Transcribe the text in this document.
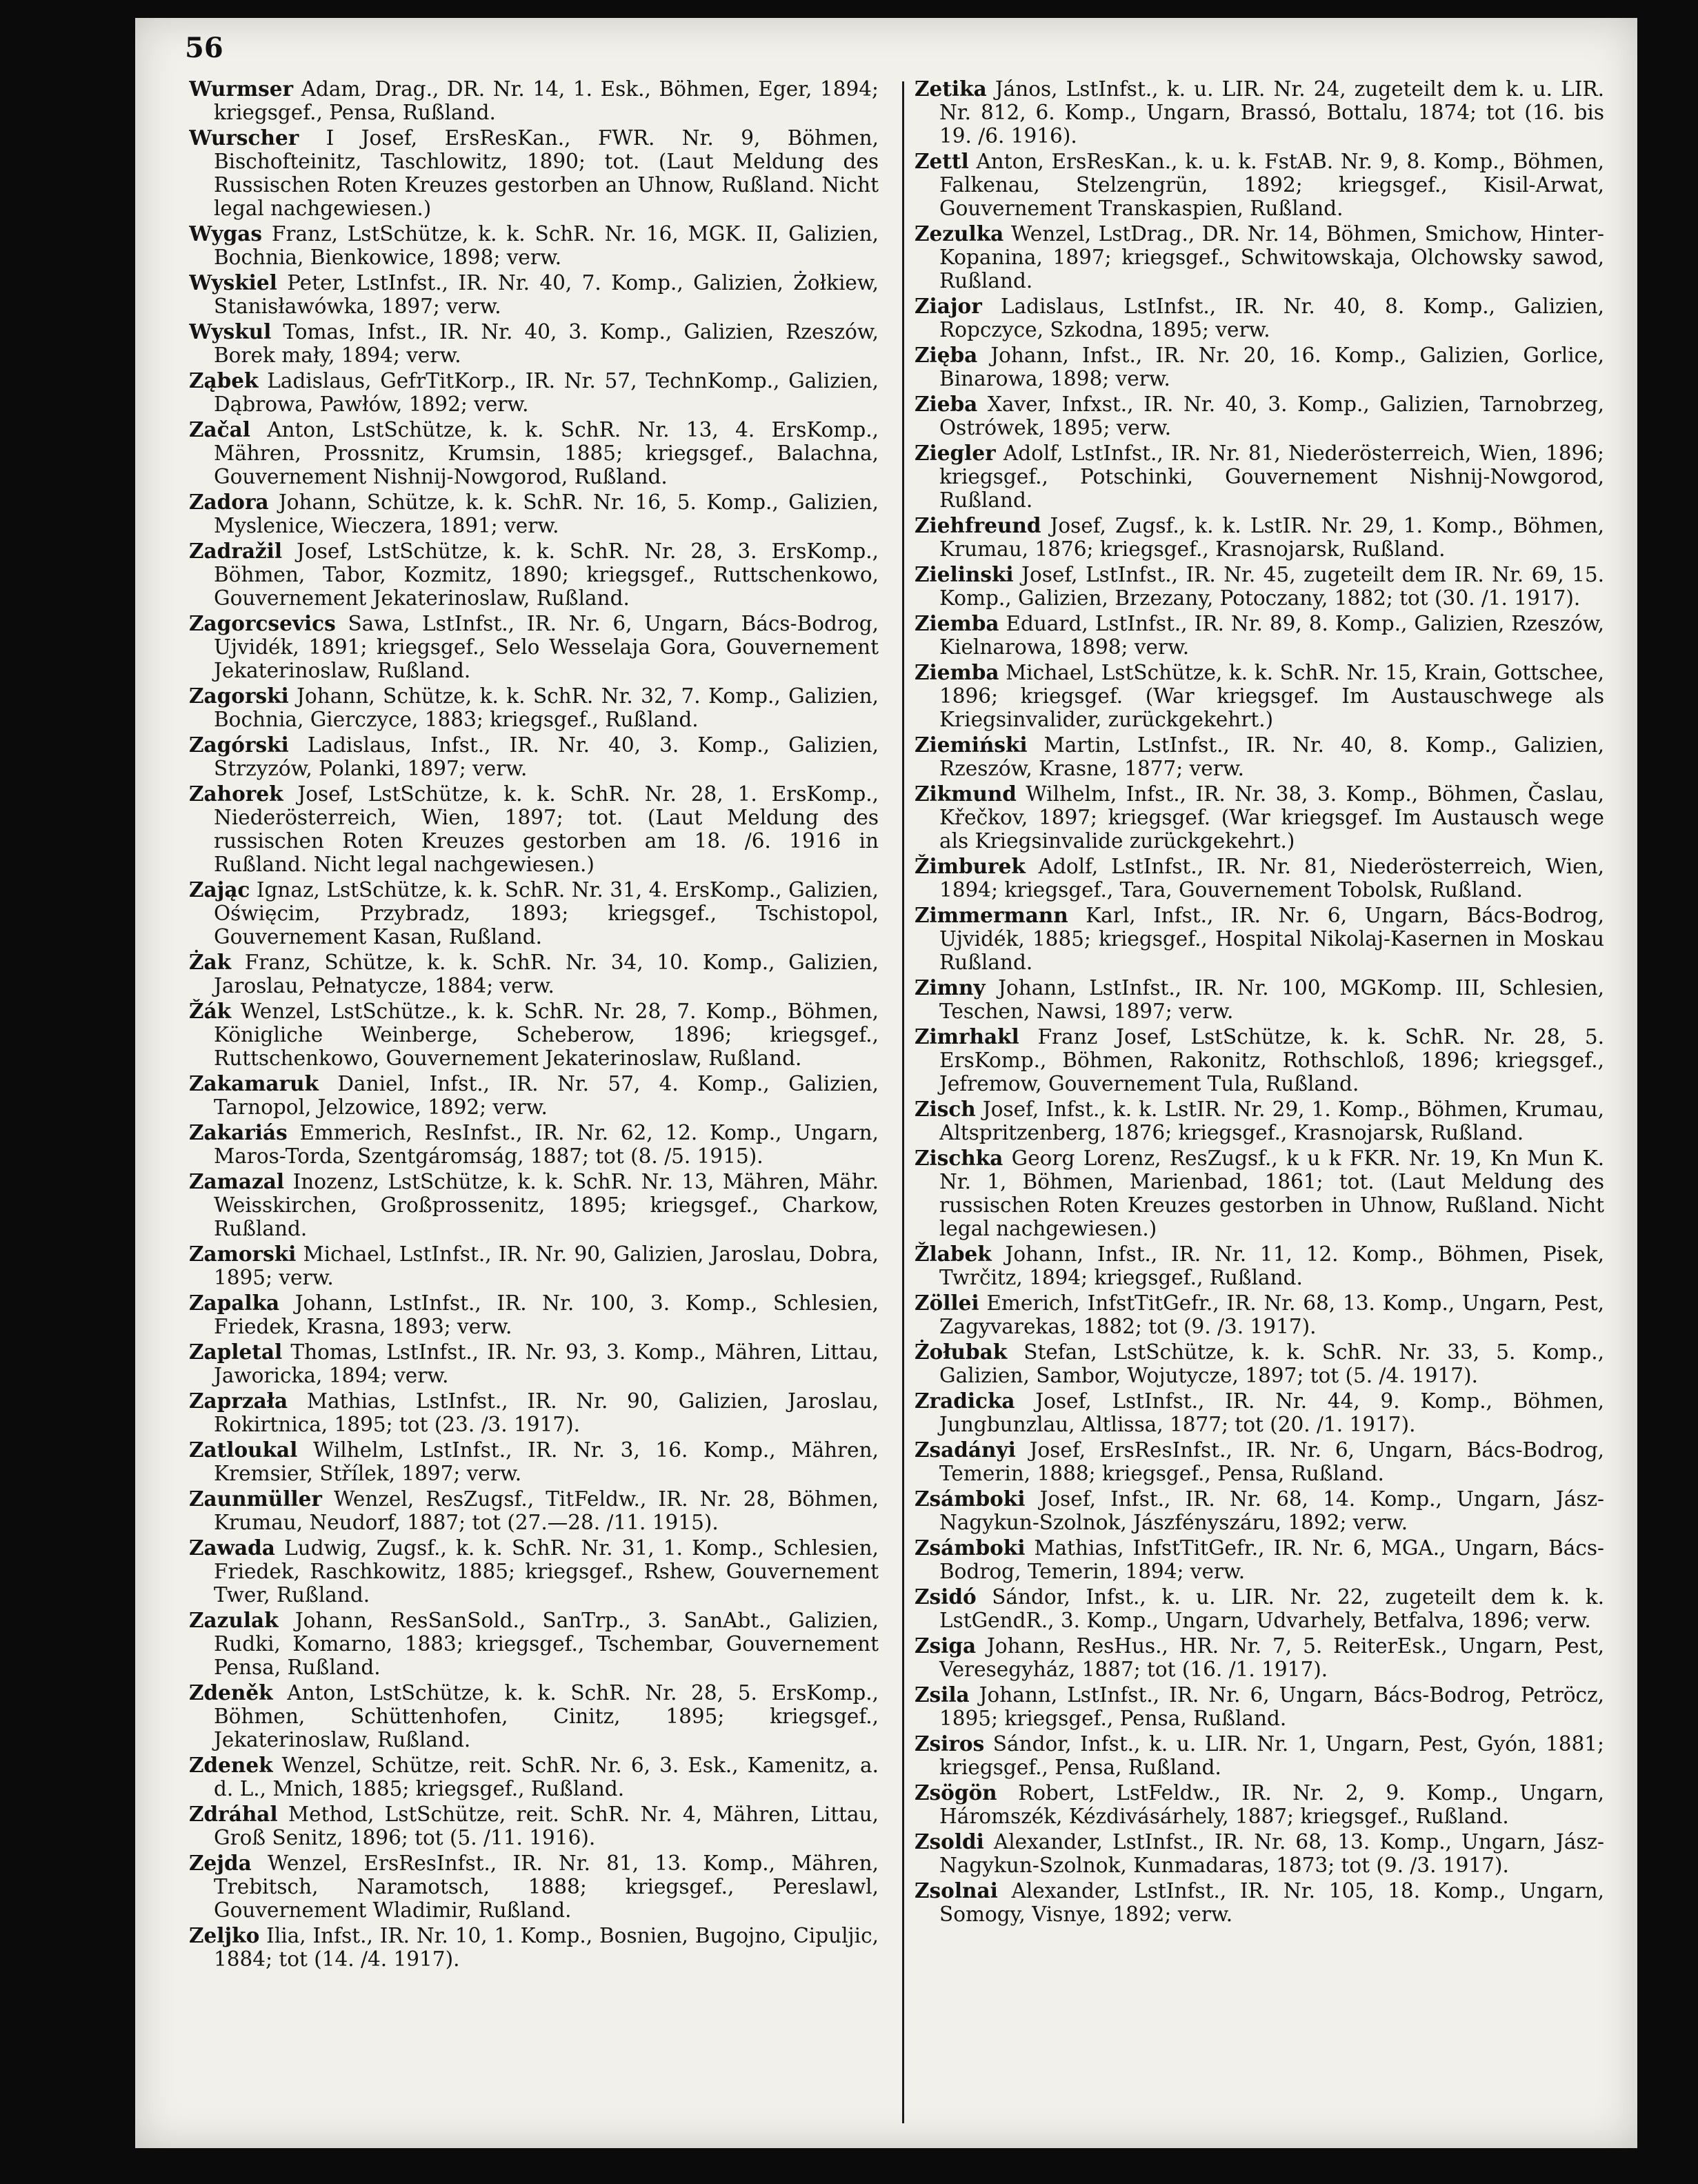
56
Wurmser Adam, Drag., DR. Nr. 14, 1. Esk., Böhmen, Eger, 1894; kriegsgef., Pensa, Rußland.
Wurscher I Josef, ErsResKan., FWR. Nr. 9, Böhmen, Bischofteinitz, Taschlowitz, 1890; tot. (Laut Meldung des Russischen Roten Kreuzes gestorben an Uhnow, Rußland. Nicht legal nachgewiesen.)
Wygas Franz, LstSchütze, k. k. SchR. Nr. 16, MGK. II, Galizien, Bochnia, Bienkowice, 1898; verw.
Wyskiel Peter, LstInfst., IR. Nr. 40, 7. Komp., Galizien, Żołkiew, Stanisławówka, 1897; verw.
Wyskul Tomas, Infst., IR. Nr. 40, 3. Komp., Galizien, Rzeszów, Borek mały, 1894; verw.
Ząbek Ladislaus, GefrTitKorp., IR. Nr. 57, TechnKomp., Galizien, Dąbrowa, Pawłów, 1892; verw.
Začal Anton, LstSchütze, k. k. SchR. Nr. 13, 4. ErsKomp., Mähren, Prossnitz, Krumsin, 1885; kriegsgef., Balachna, Gouvernement Nishnij-Nowgorod, Rußland.
Zadora Johann, Schütze, k. k. SchR. Nr. 16, 5. Komp., Galizien, Myslenice, Wieczera, 1891; verw.
Zadražil Josef, LstSchütze, k. k. SchR. Nr. 28, 3. ErsKomp., Böhmen, Tabor, Kozmitz, 1890; kriegsgef., Ruttschenkowo, Gouvernement Jekaterinoslaw, Rußland.
Zagorcsevics Sawa, LstInfst., IR. Nr. 6, Ungarn, Bács-Bodrog, Ujvidék, 1891; kriegsgef., Selo Wesselaja Gora, Gouvernement Jekaterinoslaw, Rußland.
Zagorski Johann, Schütze, k. k. SchR. Nr. 32, 7. Komp., Galizien, Bochnia, Gierczyce, 1883; kriegsgef., Rußland.
Zagórski Ladislaus, Infst., IR. Nr. 40, 3. Komp., Galizien, Strzyzów, Polanki, 1897; verw.
Zahorek Josef, LstSchütze, k. k. SchR. Nr. 28, 1. ErsKomp., Niederösterreich, Wien, 1897; tot. (Laut Meldung des russischen Roten Kreuzes gestorben am 18. /6. 1916 in Rußland. Nicht legal nachgewiesen.)
Zając Ignaz, LstSchütze, k. k. SchR. Nr. 31, 4. ErsKomp., Galizien, Oświęcim, Przybradz, 1893; kriegsgef., Tschistopol, Gouvernement Kasan, Rußland.
Żak Franz, Schütze, k. k. SchR. Nr. 34, 10. Komp., Galizien, Jaroslau, Pełnatycze, 1884; verw.
Žák Wenzel, LstSchütze., k. k. SchR. Nr. 28, 7. Komp., Böhmen, Königliche Weinberge, Scheberow, 1896; kriegsgef., Ruttschenkowo, Gouvernement Jekaterinoslaw, Rußland.
Zakamaruk Daniel, Infst., IR. Nr. 57, 4. Komp., Galizien, Tarnopol, Jelzowice, 1892; verw.
Zakariás Emmerich, ResInfst., IR. Nr. 62, 12. Komp., Ungarn, Maros-Torda, Szentgáromság, 1887; tot (8. /5. 1915).
Zamazal Inozenz, LstSchütze, k. k. SchR. Nr. 13, Mähren, Mähr. Weisskirchen, Großprossenitz, 1895; kriegsgef., Charkow, Rußland.
Zamorski Michael, LstInfst., IR. Nr. 90, Galizien, Jaroslau, Dobra, 1895; verw.
Zapalka Johann, LstInfst., IR. Nr. 100, 3. Komp., Schlesien, Friedek, Krasna, 1893; verw.
Zapletal Thomas, LstInfst., IR. Nr. 93, 3. Komp., Mähren, Littau, Jaworicka, 1894; verw.
Zaprzała Mathias, LstInfst., IR. Nr. 90, Galizien, Jaroslau, Rokirtnica, 1895; tot (23. /3. 1917).
Zatloukal Wilhelm, LstInfst., IR. Nr. 3, 16. Komp., Mähren, Kremsier, Střílek, 1897; verw.
Zaunmüller Wenzel, ResZugsf., TitFeldw., IR. Nr. 28, Böhmen, Krumau, Neudorf, 1887; tot (27.—28. /11. 1915).
Zawada Ludwig, Zugsf., k. k. SchR. Nr. 31, 1. Komp., Schlesien, Friedek, Raschkowitz, 1885; kriegsgef., Rshew, Gouvernement Twer, Rußland.
Zazulak Johann, ResSanSold., SanTrp., 3. SanAbt., Galizien, Rudki, Komarno, 1883; kriegsgef., Tschembar, Gouvernement Pensa, Rußland.
Zdeněk Anton, LstSchütze, k. k. SchR. Nr. 28, 5. ErsKomp., Böhmen, Schüttenhofen, Cinitz, 1895; kriegsgef., Jekaterinoslaw, Rußland.
Zdenek Wenzel, Schütze, reit. SchR. Nr. 6, 3. Esk., Kamenitz, a. d. L., Mnich, 1885; kriegsgef., Rußland.
Zdráhal Method, LstSchütze, reit. SchR. Nr. 4, Mähren, Littau, Groß Senitz, 1896; tot (5. /11. 1916).
Zejda Wenzel, ErsResInfst., IR. Nr. 81, 13. Komp., Mähren, Trebitsch, Naramotsch, 1888; kriegsgef., Pereslawl, Gouvernement Wladimir, Rußland.
Zeljko Ilia, Infst., IR. Nr. 10, 1. Komp., Bosnien, Bugojno, Cipuljic, 1884; tot (14. /4. 1917).
Zetika János, LstInfst., k. u. LIR. Nr. 24, zugeteilt dem k. u. LIR. Nr. 812, 6. Komp., Ungarn, Brassó, Bottalu, 1874; tot (16. bis 19. /6. 1916).
Zettl Anton, ErsResKan., k. u. k. FstAB. Nr. 9, 8. Komp., Böhmen, Falkenau, Stelzengrün, 1892; kriegsgef., Kisil-Arwat, Gouvernement Transkaspien, Rußland.
Zezulka Wenzel, LstDrag., DR. Nr. 14, Böhmen, Smichow, Hinter-Kopanina, 1897; kriegsgef., Schwitowskaja, Olchowsky sawod, Rußland.
Ziajor Ladislaus, LstInfst., IR. Nr. 40, 8. Komp., Galizien, Ropczyce, Szkodna, 1895; verw.
Zięba Johann, Infst., IR. Nr. 20, 16. Komp., Galizien, Gorlice, Binarowa, 1898; verw.
Zieba Xaver, Infxst., IR. Nr. 40, 3. Komp., Galizien, Tarnobrzeg, Ostrówek, 1895; verw.
Ziegler Adolf, LstInfst., IR. Nr. 81, Niederösterreich, Wien, 1896; kriegsgef., Potschinki, Gouvernement Nishnij-Nowgorod, Rußland.
Ziehfreund Josef, Zugsf., k. k. LstIR. Nr. 29, 1. Komp., Böhmen, Krumau, 1876; kriegsgef., Krasnojarsk, Rußland.
Zielinski Josef, LstInfst., IR. Nr. 45, zugeteilt dem IR. Nr. 69, 15. Komp., Galizien, Brzezany, Potoczany, 1882; tot (30. /1. 1917).
Ziemba Eduard, LstInfst., IR. Nr. 89, 8. Komp., Galizien, Rzeszów, Kielnarowa, 1898; verw.
Ziemba Michael, LstSchütze, k. k. SchR. Nr. 15, Krain, Gottschee, 1896; kriegsgef. (War kriegsgef. Im Austauschwege als Kriegsinvalider, zurückgekehrt.)
Ziemiński Martin, LstInfst., IR. Nr. 40, 8. Komp., Galizien, Rzeszów, Krasne, 1877; verw.
Zikmund Wilhelm, Infst., IR. Nr. 38, 3. Komp., Böhmen, Časlau, Křečkov, 1897; kriegsgef. (War kriegsgef. Im Austausch wege als Kriegsinvalide zurückgekehrt.)
Žimburek Adolf, LstInfst., IR. Nr. 81, Niederösterreich, Wien, 1894; kriegsgef., Tara, Gouvernement Tobolsk, Rußland.
Zimmermann Karl, Infst., IR. Nr. 6, Ungarn, Bács-Bodrog, Ujvidék, 1885; kriegsgef., Hospital Nikolaj-Kasernen in Moskau Rußland.
Zimny Johann, LstInfst., IR. Nr. 100, MGKomp. III, Schlesien, Teschen, Nawsi, 1897; verw.
Zimrhakl Franz Josef, LstSchütze, k. k. SchR. Nr. 28, 5. ErsKomp., Böhmen, Rakonitz, Rothschloß, 1896; kriegsgef., Jefremow, Gouvernement Tula, Rußland.
Zisch Josef, Infst., k. k. LstIR. Nr. 29, 1. Komp., Böhmen, Krumau, Altspritzenberg, 1876; kriegsgef., Krasnojarsk, Rußland.
Zischka Georg Lorenz, ResZugsf., k u k FKR. Nr. 19, Kn Mun K. Nr. 1, Böhmen, Marienbad, 1861; tot. (Laut Meldung des russischen Roten Kreuzes gestorben in Uhnow, Rußland. Nicht legal nachgewiesen.)
Žlabek Johann, Infst., IR. Nr. 11, 12. Komp., Böhmen, Pisek, Twrčitz, 1894; kriegsgef., Rußland.
Zöllei Emerich, InfstTitGefr., IR. Nr. 68, 13. Komp., Ungarn, Pest, Zagyvarekas, 1882; tot (9. /3. 1917).
Żołubak Stefan, LstSchütze, k. k. SchR. Nr. 33, 5. Komp., Galizien, Sambor, Wojutycze, 1897; tot (5. /4. 1917).
Zradicka Josef, LstInfst., IR. Nr. 44, 9. Komp., Böhmen, Jungbunzlau, Altlissa, 1877; tot (20. /1. 1917).
Zsadányi Josef, ErsResInfst., IR. Nr. 6, Ungarn, Bács-Bodrog, Temerin, 1888; kriegsgef., Pensa, Rußland.
Zsámboki Josef, Infst., IR. Nr. 68, 14. Komp., Ungarn, Jász-Nagykun-Szolnok, Jászfényszáru, 1892; verw.
Zsámboki Mathias, InfstTitGefr., IR. Nr. 6, MGA., Ungarn, Bács-Bodrog, Temerin, 1894; verw.
Zsidó Sándor, Infst., k. u. LIR. Nr. 22, zugeteilt dem k. k. LstGendR., 3. Komp., Ungarn, Udvarhely, Betfalva, 1896; verw.
Zsiga Johann, ResHus., HR. Nr. 7, 5. ReiterEsk., Ungarn, Pest, Veresegyház, 1887; tot (16. /1. 1917).
Zsila Johann, LstInfst., IR. Nr. 6, Ungarn, Bács-Bodrog, Petröcz, 1895; kriegsgef., Pensa, Rußland.
Zsiros Sándor, Infst., k. u. LIR. Nr. 1, Ungarn, Pest, Gyón, 1881; kriegsgef., Pensa, Rußland.
Zsögön Robert, LstFeldw., IR. Nr. 2, 9. Komp., Ungarn, Háromszék, Kézdivásárhely, 1887; kriegsgef., Rußland.
Zsoldi Alexander, LstInfst., IR. Nr. 68, 13. Komp., Ungarn, Jász-Nagykun-Szolnok, Kunmadaras, 1873; tot (9. /3. 1917).
Zsolnai Alexander, LstInfst., IR. Nr. 105, 18. Komp., Ungarn, Somogy, Visnye, 1892; verw.
